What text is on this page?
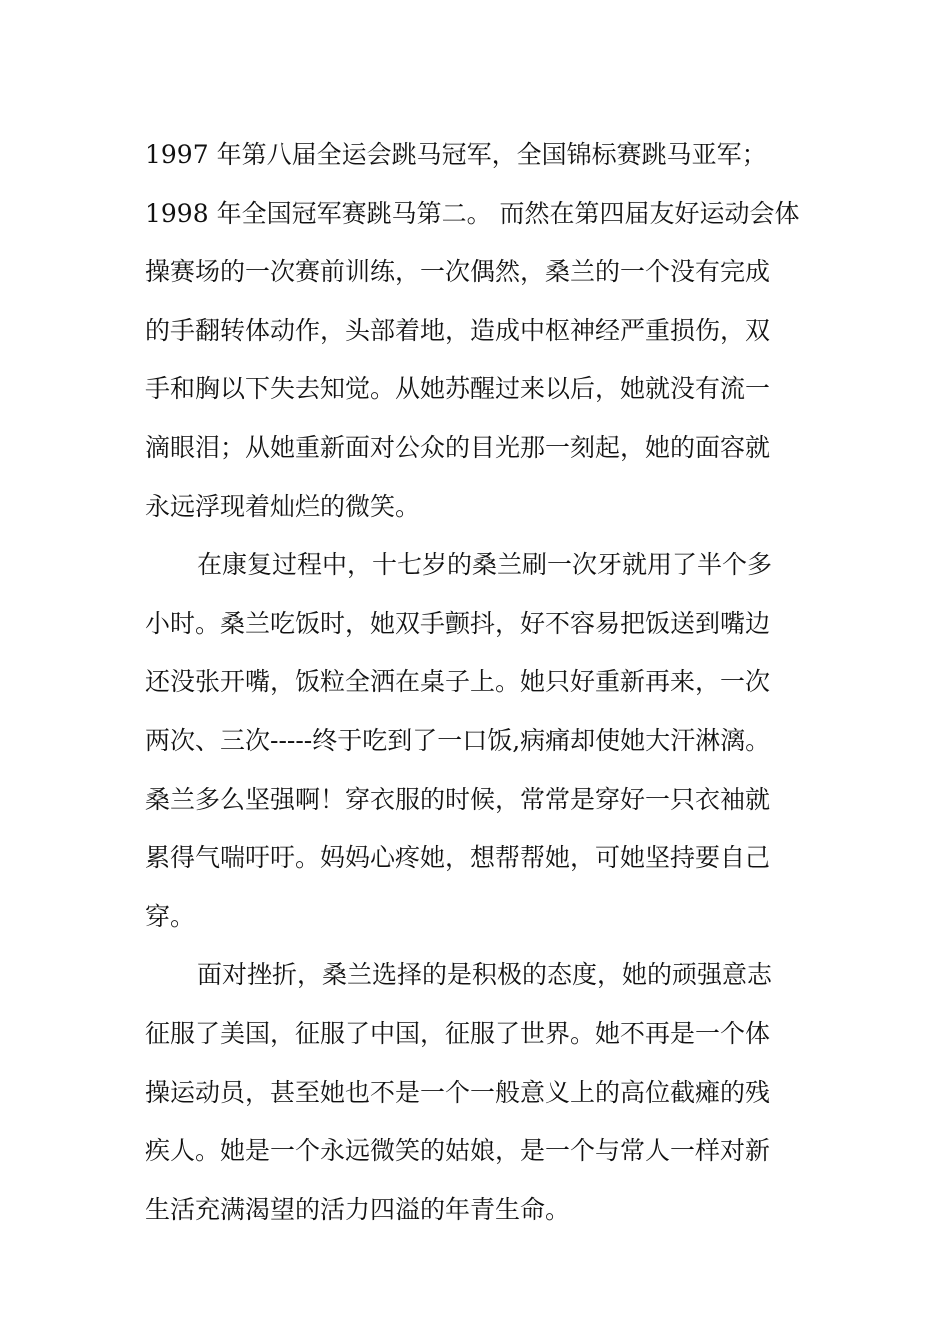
1997 年第八届全运会跳马冠军，全国锦标赛跳马亚军；
1998 年全国冠军赛跳马第二。 而然在第四届友好运动会体
操赛场的一次赛前训练，一次偶然，桑兰的一个没有完成
的手翻转体动作，头部着地，造成中枢神经严重损伤，双
手和胸以下失去知觉。从她苏醒过来以后，她就没有流一
滴眼泪；从她重新面对公众的目光那一刻起，她的面容就
永远浮现着灿烂的微笑。
在康复过程中，十七岁的桑兰刷一次牙就用了半个多
小时。桑兰吃饭时，她双手颤抖，好不容易把饭送到嘴边
还没张开嘴，饭粒全洒在桌子上。她只好重新再来，一次
两次、三次-----终于吃到了一口饭,病痛却使她大汗淋漓。
桑兰多么坚强啊！穿衣服的时候，常常是穿好一只衣袖就
累得气喘吁吁。妈妈心疼她，想帮帮她，可她坚持要自己
穿。
面对挫折，桑兰选择的是积极的态度，她的顽强意志
征服了美国，征服了中国，征服了世界。她不再是一个体
操运动员，甚至她也不是一个一般意义上的高位截瘫的残
疾人。她是一个永远微笑的姑娘，是一个与常人一样对新
生活充满渴望的活力四溢的年青生命。
